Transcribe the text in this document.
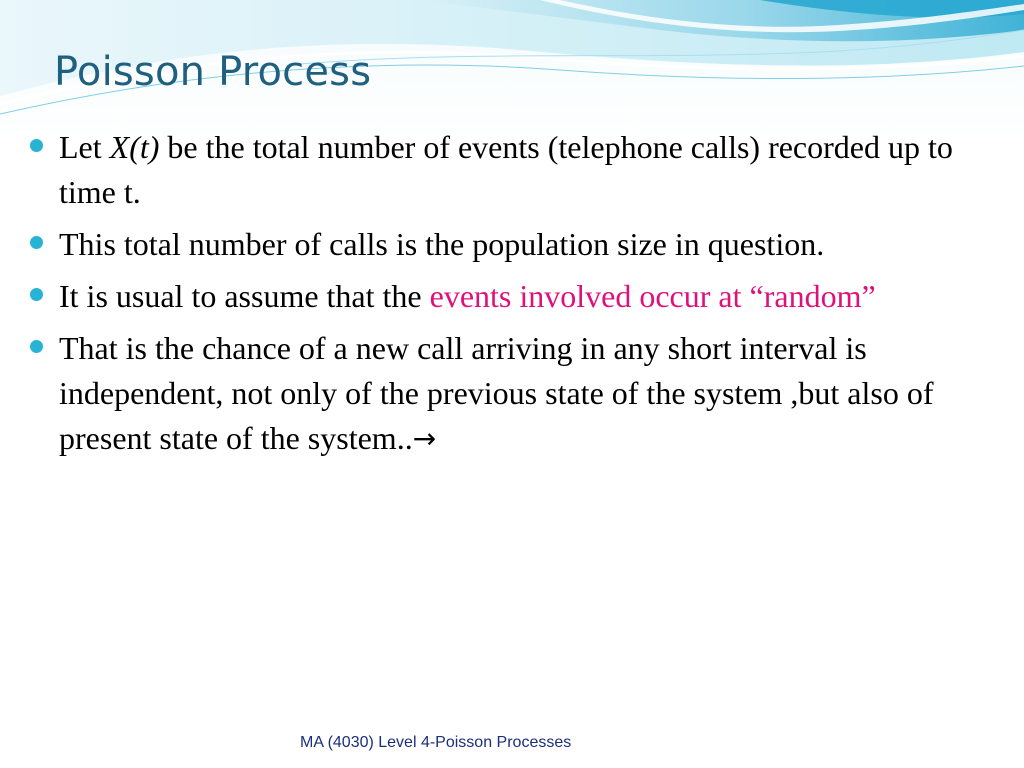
Poisson Process
Let X(t) be the total number of events (telephone calls) recorded up to time t.
This total number of calls is the population size in question.
It is usual to assume that the events involved occur at “random”
That is the chance of a new call arriving in any short interval is independent, not only of the previous state of the system ,but also of present state of the system..→
MA (4030) Level 4-Poisson Processes
